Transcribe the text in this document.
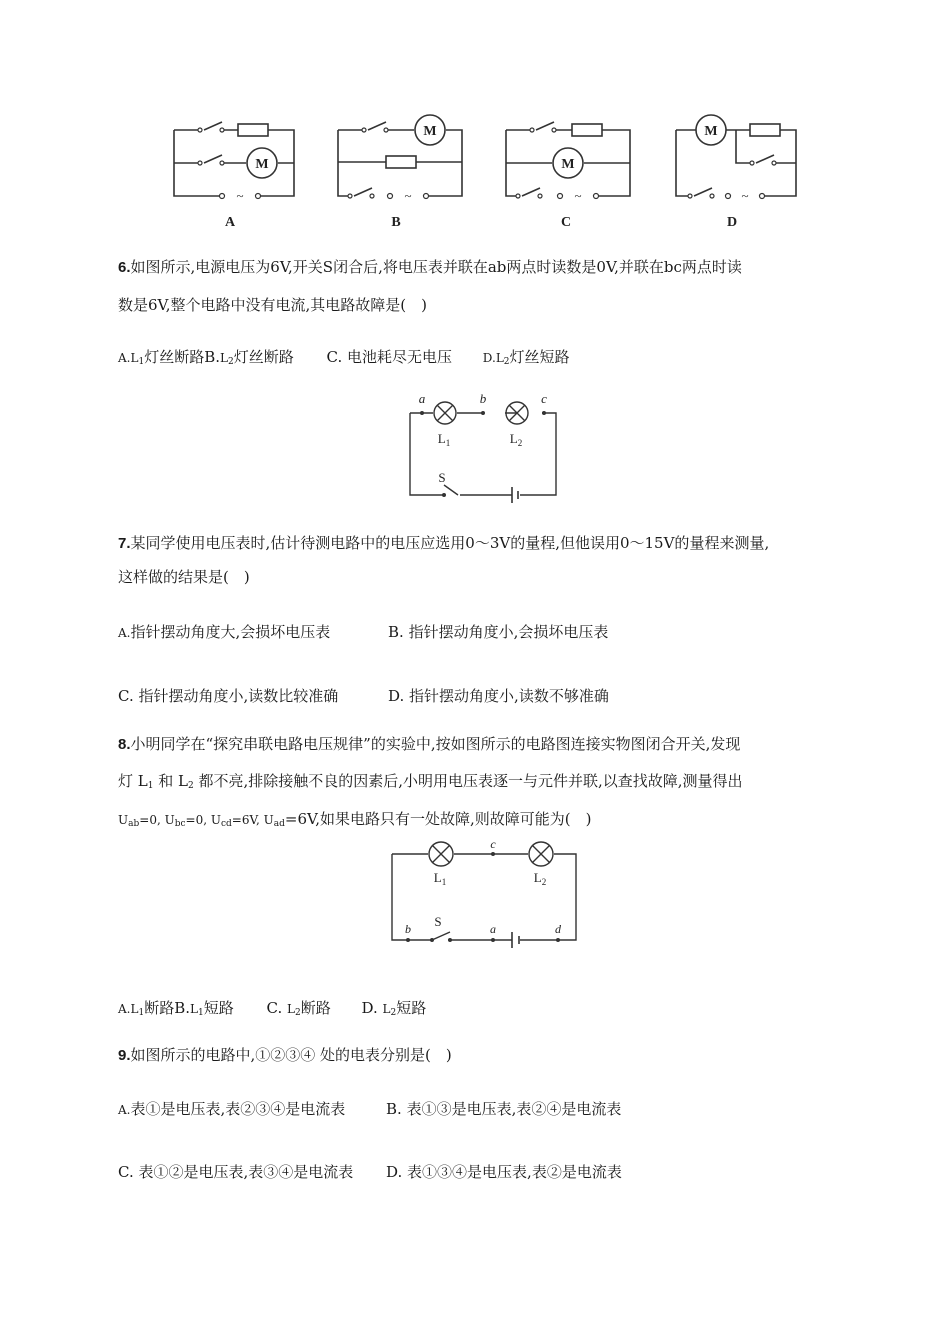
~	~	~	~
M
M
M
M
A	B	C	D
6.如图所示,电源电压为6V,开关S闭合后,将电压表并联在ab两点时读数是0V,并联在bc两点时读
数是6V,整个电路中没有电流,其电路故障是(　)
$A.L_1$灯丝断路$B.L_2$灯丝断路 C. 电池耗尽无电压	$D.L_2$灯丝短路
a	b	c
$L_1$	$L_2$
S
7.某同学使用电压表时,估计待测电路中的电压应选用0～3V的量程,但他误用0～15V的量程来测量,
这样做的结果是(　)
A.指针摆动角度大,会损坏电压表	B. 指针摆动角度小,会损坏电压表
C. 指针摆动角度小,读数比较准确	D. 指针摆动角度小,读数不够准确
8.小明同学在“探究串联电路电压规律”的实验中,按如图所示的电路图连接实物图闭合开关,发现
灯 $L_1$ 和 $L_2$ 都不亮,排除接触不良的因素后,小明用电压表逐一与元件并联,以查找故障,测量得出
$U_{ab}=0$, $U_{bc}=0$, $U_{cd}=6V$, $U_{ad}=6V$,如果电路只有一处故障,则故障可能为(　)
c
b	a	d
$L_1$	$L_2$
S
$A.L_1$断路$B.L_1$短路 C. $L_2$断路 D. $L_2$短路
9.如图所示的电路中,①②③④ 处的电表分别是(　)
A.表①是电压表,表②③④是电流表	B. 表①③是电压表,表②④是电流表
C. 表①②是电压表,表③④是电流表 D. 表①③④是电压表,表②是电流表
